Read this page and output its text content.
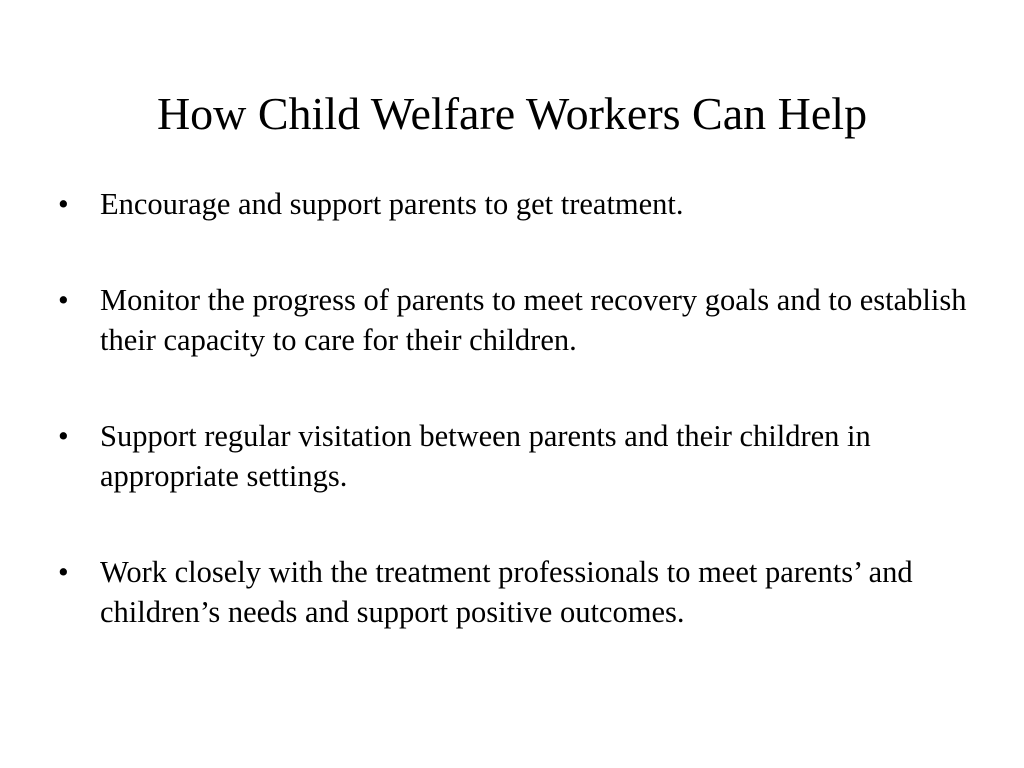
How Child Welfare Workers Can Help
•	Encourage and support parents to get treatment.
•	Monitor the progress of parents to meet recovery goals and to establish their capacity to care for their children.
•	Support regular visitation between parents and their children in appropriate settings.
•	Work closely with the treatment professionals to meet parents’ and children’s needs and support positive outcomes.
